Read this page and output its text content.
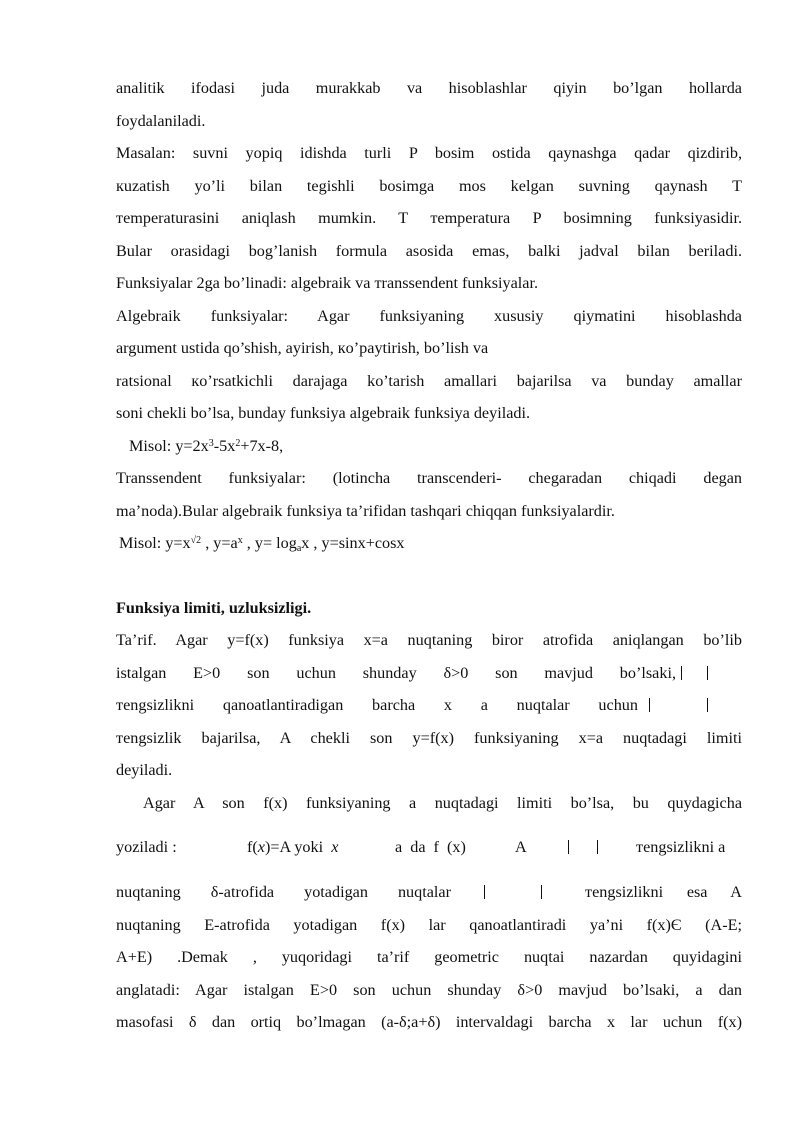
analitik ifodasi juda murakkab va hisoblashlar qiyin bo’lgan hollarda
foydalaniladi.
Masalan: suvni yopiq idishda turli P bosim ostida qaynashga qadar qizdirib,
кuzatish yo’li bilan tegishli bosimga mos kelgan suvning qaynash T
тemperaturasini aniqlash mumkin. T тemperatura P bosimning funksiyasidir.
Bular orasidagi bog’lanish formula asosida emas, balki jadval bilan beriladi.
Funksiyalar 2ga bo’linadi: algebraik va тranssendent funksiyalar.
Algebraik funksiyalar: Agar funksiyaning xususiy qiymatini hisoblashda
argument ustida qo’shish, ayirish, кo’paytirish, bo’lish va
ratsional кo’rsatkichli darajaga ko’tarish amallari bajarilsa va bunday amallar
soni chekli bo’lsa, bunday funksiya algebraik funksiya deyiladi.
Misol: $y=2x^3-5x^2+7x-8$,
Transsendent funksiyalar: (lotincha transcenderi- chegaradan chiqadi degan
ma’noda).Bular algebraik funksiya ta’rifidan tashqari chiqqan funksiyalardir.
Misol: $y=x^{√2}$ , $y=a^x$ , $y= \log_ax$ , y=sinx+cosx
Funksiya limiti, uzluksizligi.
Ta’rif. Agar y=f(x) funksiya x=a nuqtaning biror atrofida aniqlangan bo’lib
istalgan Ε>0 son uchun shunday δ>0 son mavjud bo’lsaki,
тengsizlikni qanoatlantiradigan barcha x a nuqtalar uchun
тengsizlik bajarilsa, A chekli son y=f(x) funksiyaning x=a nuqtadagi limiti
deyiladi.
Agar A son f(x) funksiyaning a nuqtadagi limiti bo’lsa, bu quydagicha
yoziladi :	f(x)=A yoki x	a da f (x)	A	тengsizlikni a
nuqtaning δ-atrofida yotadigan nuqtalar	тengsizlikni esa A
nuqtaning Ε-atrofida yotadigan f(x) lar qanoatlantiradi ya’ni f(x)Є (A-Ε;
A+Ε) .Demak , yuqoridagi ta’rif geometric nuqtai nazardan quyidagini
anglatadi: Agar istalgan Ε>0 son uchun shunday δ>0 mavjud bo’lsaki, a dan
masofasi δ dan ortiq bo’lmagan (a-δ;a+δ) intervaldagi barcha x lar uchun f(x)
